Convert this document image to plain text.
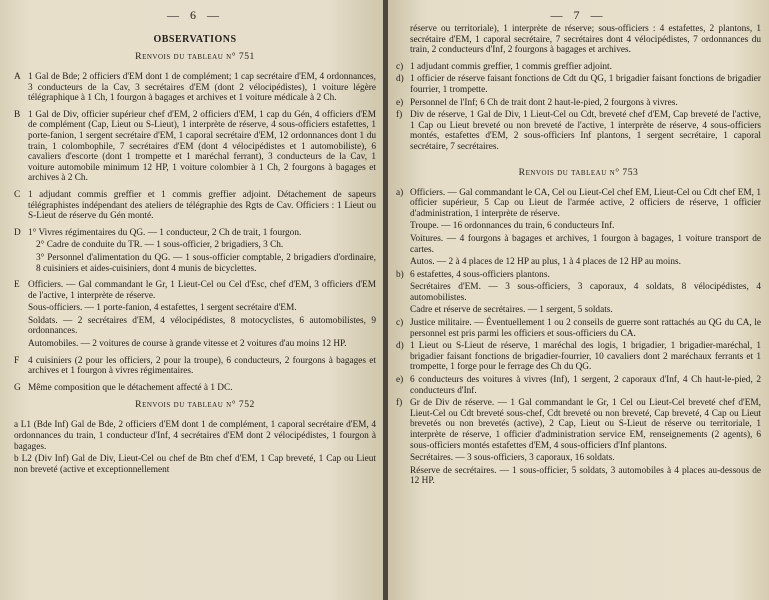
— 6 —
OBSERVATIONS
Renvois du tableau n° 751
A 1 Gal de Bde; 2 officiers d'EM dont 1 de complément; 1 cap secrétaire d'EM, 4 ordonnances, 3 conducteurs de la Cav, 3 secrétaires d'EM (dont 2 vélocipédistes), 1 voiture légère télégraphique à 1 Ch, 1 fourgon à bagages et archives et 1 voiture médicale à 2 Ch.
B 1 Gal de Div, officier supérieur chef d'EM, 2 officiers d'EM, 1 cap du Gén, 4 officiers d'EM de complément (Cap, Lieut ou S-Lieut), 1 interprète de réserve, 4 sous-officiers estafettes, 1 porte-fanion, 1 sergent secrétaire d'EM, 1 caporal secrétaire d'EM, 12 ordonnances dont 1 du train, 1 colombophile, 7 secrétaires d'EM (dont 4 vélocipédistes et 1 automobiliste), 6 cavaliers d'escorte (dont 1 trompette et 1 maréchal ferrant), 3 conducteurs de la Cav, 1 voiture automobile minimum 12 HP, 1 voiture colombier à 1 Ch, 2 fourgons à bagages et archives à 2 Ch.
C 1 adjudant commis greffier et 1 commis greffier adjoint. Détachement de sapeurs télégraphistes indépendant des ateliers de télégraphie des Rgts de Cav. Officiers : 1 Lieut ou S-Lieut de réserve du Gén monté.
D 1° Vivres régimentaires du QG. — 1 conducteur, 2 Ch de trait, 1 fourgon.
2° Cadre de conduite du TR. — 1 sous-officier, 2 brigadiers, 3 Ch.
3° Personnel d'alimentation du QG. — 1 sous-officier comptable, 2 brigadiers d'ordinaire, 8 cuisiniers et aides-cuisiniers, dont 4 munis de bicyclettes.
E Officiers. — Gal commandant le Gr, 1 Lieut-Cel ou Cel d'Esc, chef d'EM, 3 officiers d'EM de l'active, 1 interprète de réserve.
Sous-officiers. — 1 porte-fanion, 4 estafettes, 1 sergent secrétaire d'EM.
Soldats. — 2 secrétaires d'EM, 4 vélocipédistes, 8 motocyclistes, 6 automobilistes, 9 ordonnances.
Automobiles. — 2 voitures de course à grande vitesse et 2 voitures d'au moins 12 HP.
F 4 cuisiniers (2 pour les officiers, 2 pour la troupe), 6 conducteurs, 2 fourgons à bagages et archives et 1 fourgon à vivres régimentaires.
G Même composition que le détachement affecté à 1 DC.
Renvois du tableau n° 752
a L1 (Bde Inf) Gal de Bde, 2 officiers d'EM dont 1 de complément, 1 caporal secrétaire d'EM, 4 ordonnances du train, 1 conducteur d'Inf, 4 secrétaires d'EM dont 2 vélocipédistes, 1 fourgon à bagages.
b L2 (Div Inf) Gal de Div, Lieut-Cel ou chef de Btn chef d'EM, 1 Cap breveté, 1 Cap ou Lieut non breveté (active et exceptionnellement
— 7 —
réserve ou territoriale), 1 interprète de réserve; sous-officiers : 4 estafettes, 2 plantons, 1 secrétaire d'EM, 1 caporal secrétaire, 7 secrétaires dont 4 vélocipédistes, 7 ordonnances du train, 2 conducteurs d'Inf, 2 fourgons à bagages et archives.
c) 1 adjudant commis greffier, 1 commis greffier adjoint.
d) 1 officier de réserve faisant fonctions de Cdt du QG, 1 brigadier faisant fonctions de brigadier fourrier, 1 trompette.
e) Personnel de l'Inf; 6 Ch de trait dont 2 haut-le-pied, 2 fourgons à vivres.
f) Div de réserve, 1 Gal de Div, 1 Lieut-Cel ou Cdt, breveté chef d'EM, Cap breveté de l'active, 1 Cap ou Lieut breveté ou non breveté de l'active, 1 interprète de réserve, 4 sous-officiers montés, estafettes d'EM, 2 sous-officiers Inf plantons, 1 sergent secrétaire, 1 caporal secrétaire, 7 secrétaires.
Renvois du tableau n° 753
a) Officiers. — Gal commandant le CA, Cel ou Lieut-Cel chef EM, Lieut-Cel ou Cdt chef EM, 1 officier supérieur, 5 Cap ou Lieut de l'armée active, 2 officiers de réserve, 1 officier d'administration, 1 interprète de réserve.
Troupe. — 16 ordonnances du train, 6 conducteurs Inf.
Voitures. — 4 fourgons à bagages et archives, 1 fourgon à bagages, 1 voiture transport de cartes.
Autos. — 2 à 4 places de 12 HP au plus, 1 à 4 places de 12 HP au moins.
b) 6 estafettes, 4 sous-officiers plantons.
Secrétaires d'EM. — 3 sous-officiers, 3 caporaux, 4 soldats, 8 vélocipédistes, 4 automobilistes.
Cadre et réserve de secrétaires. — 1 sergent, 5 soldats.
c) Justice militaire. — Éventuellement 1 ou 2 conseils de guerre sont rattachés au QG du CA, le personnel est pris parmi les officiers et sous-officiers du CA.
d) 1 Lieut ou S-Lieut de réserve, 1 maréchal des logis, 1 brigadier, 1 brigadier-maréchal, 1 brigadier faisant fonctions de brigadier-fourrier, 10 cavaliers dont 2 maréchaux ferrants et 1 trompette, 1 forge pour le ferrage des Ch du QG.
e) 6 conducteurs des voitures à vivres (Inf), 1 sergent, 2 caporaux d'Inf, 4 Ch haut-le-pied, 2 conducteurs d'Inf.
f) Gr de Div de réserve. — 1 Gal commandant le Gr, 1 Cel ou Lieut-Cel breveté chef d'EM, Lieut-Cel ou Cdt breveté sous-chef, Cdt breveté ou non breveté, Cap breveté, 4 Cap ou Lieut brevetés ou non brevetés (active), 2 Cap, Lieut ou S-Lieut de réserve ou territoriale, 1 interprète de réserve, 1 officier d'administration service EM, renseignements (2 agents), 6 sous-officiers montés estafettes d'EM, 4 sous-officiers d'Inf plantons.
Secrétaires. — 3 sous-officiers, 3 caporaux, 16 soldats.
Réserve de secrétaires. — 1 sous-officier, 5 soldats, 3 automobiles à 4 places au-dessous de 12 HP.
